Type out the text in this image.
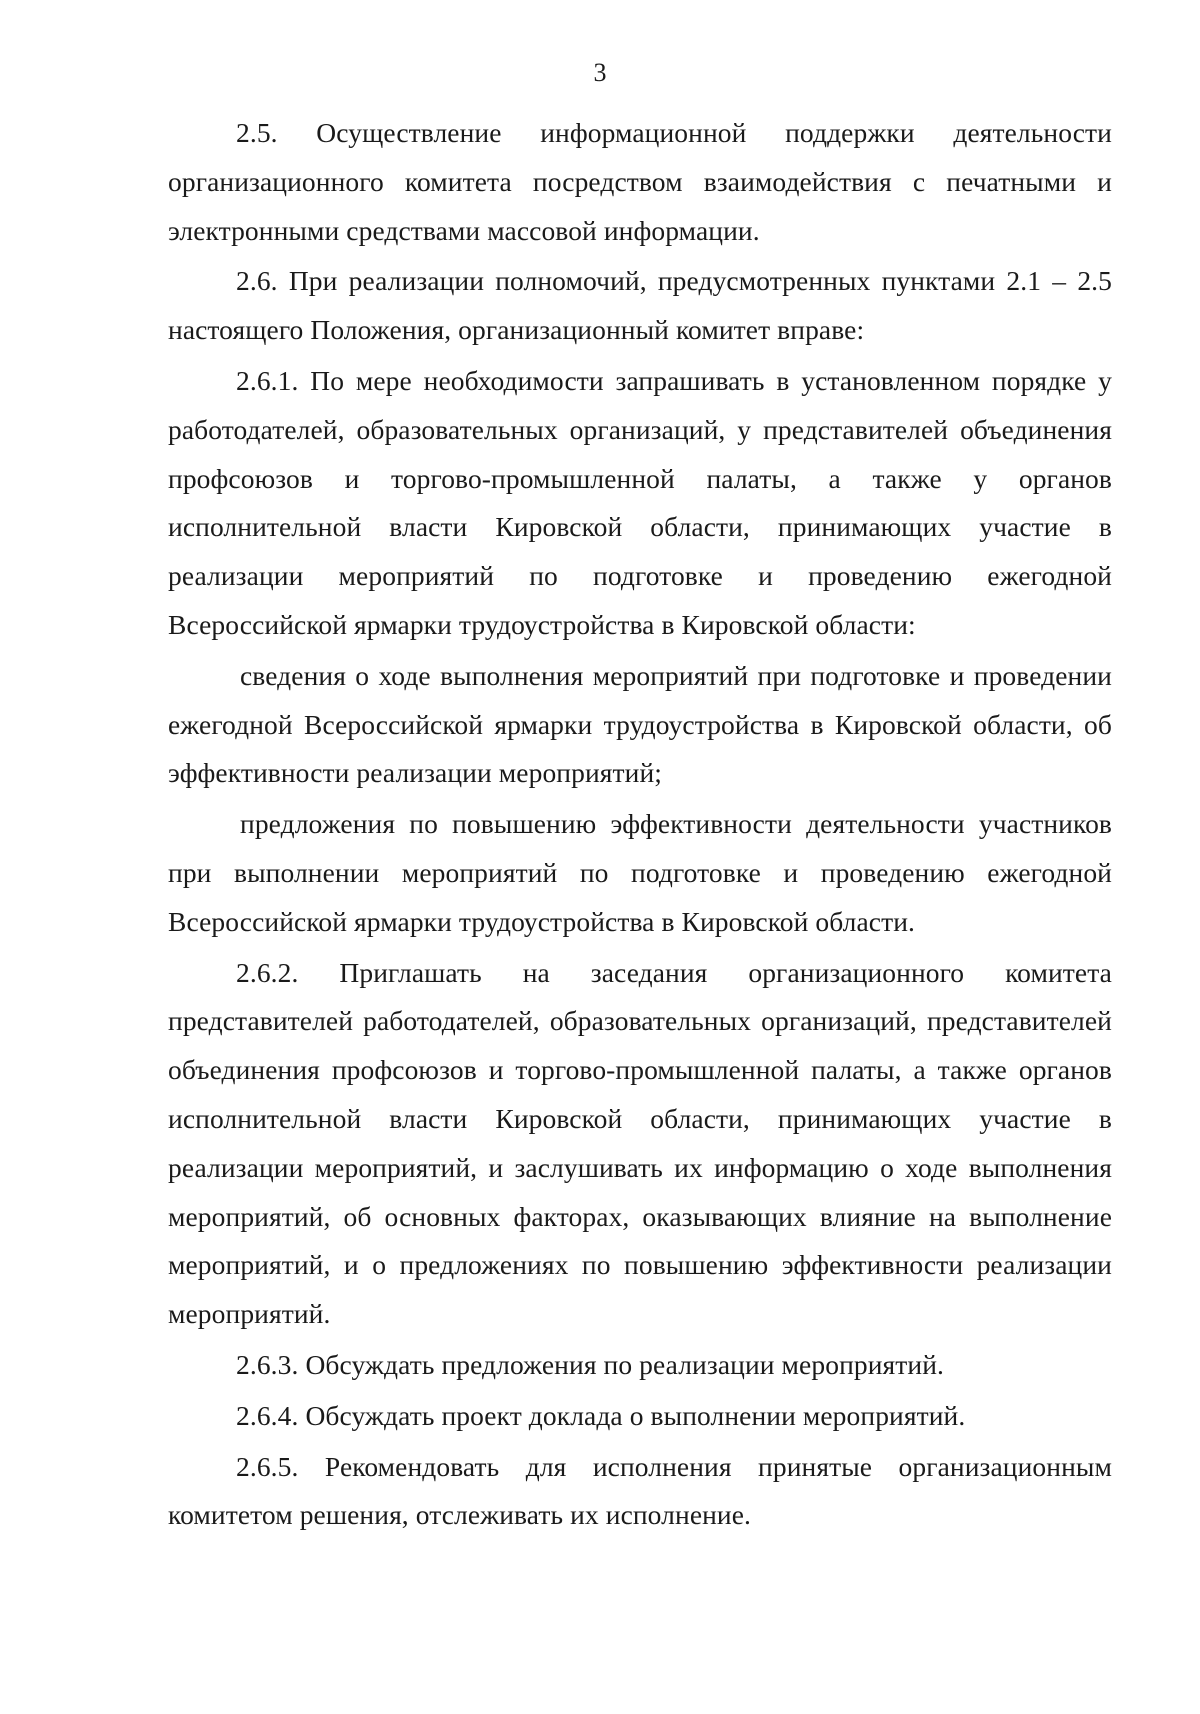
3

2.5. Осуществление информационной поддержки деятельности организационного комитета посредством взаимодействия с печатными и электронными средствами массовой информации.

2.6. При реализации полномочий, предусмотренных пунктами 2.1 – 2.5 настоящего Положения, организационный комитет вправе:

2.6.1. По мере необходимости запрашивать в установленном порядке у работодателей, образовательных организаций, у представителей объединения профсоюзов и торгово-промышленной палаты, а также у органов исполнительной власти Кировской области, принимающих участие в реализации мероприятий по подготовке и проведению ежегодной Всероссийской ярмарки трудоустройства в Кировской области:

сведения о ходе выполнения мероприятий при подготовке и проведении ежегодной Всероссийской ярмарки трудоустройства в Кировской области, об эффективности реализации мероприятий;

предложения по повышению эффективности деятельности участников при выполнении мероприятий по подготовке и проведению ежегодной Всероссийской ярмарки трудоустройства в Кировской области.

2.6.2. Приглашать на заседания организационного комитета представителей работодателей, образовательных организаций, представителей объединения профсоюзов и торгово-промышленной палаты, а также органов исполнительной власти Кировской области, принимающих участие в реализации мероприятий, и заслушивать их информацию о ходе выполнения мероприятий, об основных факторах, оказывающих влияние на выполнение мероприятий, и о предложениях по повышению эффективности реализации мероприятий.

2.6.3. Обсуждать предложения по реализации мероприятий.

2.6.4. Обсуждать проект доклада о выполнении мероприятий.

2.6.5. Рекомендовать для исполнения принятые организационным комитетом решения, отслеживать их исполнение.
